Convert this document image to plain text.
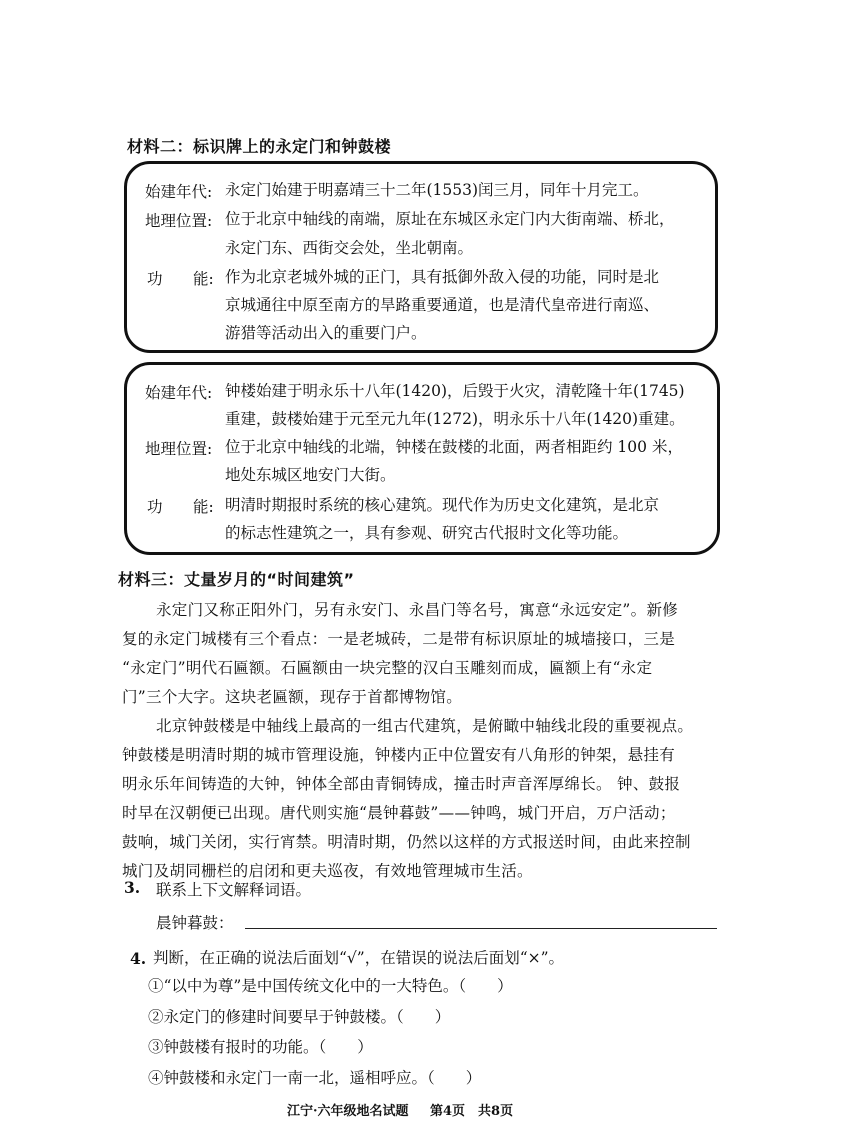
材料二：标识牌上的永定门和钟鼓楼
始建年代: 永定门始建于明嘉靖三十二年(1553)闰三月，同年十月完工。
地理位置: 位于北京中轴线的南端，原址在东城区永定门内大街南端、桥北，
永定门东、西街交会处，坐北朝南。
功 能: 作为北京老城外城的正门，具有抵御外敌入侵的功能，同时是北
京城通往中原至南方的旱路重要通道，也是清代皇帝进行南巡、
游猎等活动出入的重要门户。
始建年代: 钟楼始建于明永乐十八年(1420)，后毁于火灾，清乾隆十年(1745)
重建，鼓楼始建于元至元九年(1272)，明永乐十八年(1420)重建。
地理位置: 位于北京中轴线的北端，钟楼在鼓楼的北面，两者相距约 100 米，
地处东城区地安门大街。
功 能: 明清时期报时系统的核心建筑。现代作为历史文化建筑，是北京
的标志性建筑之一，具有参观、研究古代报时文化等功能。
材料三：丈量岁月的“时间建筑”
永定门又称正阳外门，另有永安门、永昌门等名号，寓意“永远安定”。新修
复的永定门城楼有三个看点：一是老城砖，二是带有标识原址的城墙接口，三是
“永定门”明代石匾额。石匾额由一块完整的汉白玉雕刻而成，匾额上有“永定
门”三个大字。这块老匾额，现存于首都博物馆。
北京钟鼓楼是中轴线上最高的一组古代建筑，是俯瞰中轴线北段的重要视点。
钟鼓楼是明清时期的城市管理设施，钟楼内正中位置安有八角形的钟架，悬挂有
明永乐年间铸造的大钟，钟体全部由青铜铸成，撞击时声音浑厚绵长。 钟、鼓报
时早在汉朝便已出现。唐代则实施“晨钟暮鼓”——钟鸣，城门开启，万户活动；
鼓响，城门关闭，实行宵禁。明清时期，仍然以这样的方式报送时间，由此来控制
城门及胡同栅栏的启闭和更夫巡夜，有效地管理城市生活。
3. 联系上下文解释词语。
晨钟暮鼓：
4. 判断，在正确的说法后面划“√”，在错误的说法后面划“×”。
①“以中为尊”是中国传统文化中的一大特色。（　　）
②永定门的修建时间要早于钟鼓楼。（　　）
③钟鼓楼有报时的功能。（　　）
④钟鼓楼和永定门一南一北，遥相呼应。（　　）
江宁·六年级地名试题 第4页　共8页
